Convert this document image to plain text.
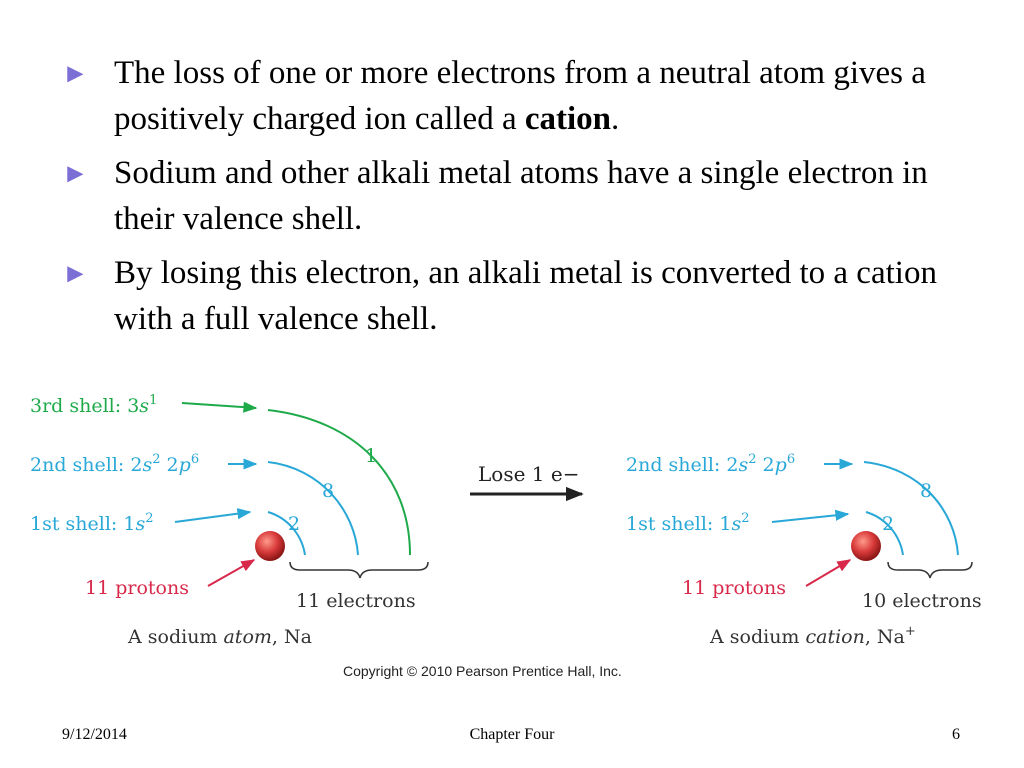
► The loss of one or more electrons from a neutral atom gives a positively charged ion called a cation.
► Sodium and other alkali metal atoms have a single electron in their valence shell.
► By losing this electron, an alkali metal is converted to a cation with a full valence shell.
3rd shell: $3s^1$
2nd shell: $2s^2$ $2p^6$
1st shell: $1s^2$
1
8
2
11 protons
11 electrons
A sodium atom, Na
Lose 1 e− 2nd shell: $2s^2$ $2p^6$
1st shell: $1s^2$
8
2
11 protons
10 electrons
A sodium cation, Na+
Copyright © 2010 Pearson Prentice Hall, Inc.
9/12/2014	Chapter Four	6
